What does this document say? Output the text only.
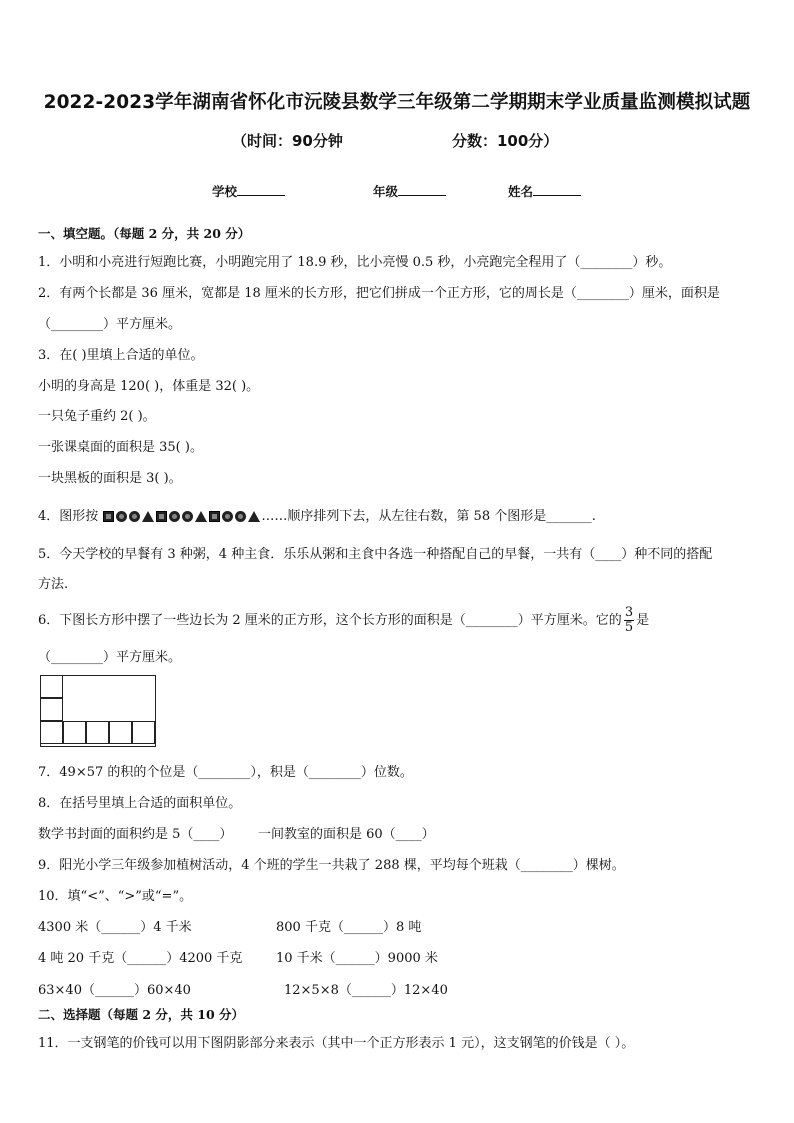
2022-2023学年湖南省怀化市沅陵县数学三年级第二学期期末学业质量监测模拟试题
（时间：90分钟	分数：100分）
学校	年级	姓名
一、填空题。（每题 2 分，共 20 分）
1．小明和小亮进行短跑比赛，小明跑完用了 18.9 秒，比小亮慢 0.5 秒，小亮跑完全程用了（________）秒。
2．有两个长都是 36 厘米，宽都是 18 厘米的长方形，把它们拼成一个正方形，它的周长是（________）厘米，面积是
（________）平方厘米。
3．在( )里填上合适的单位。
小明的身高是 120( )，体重是 32( )。
一只兔子重约 2( )。
一张课桌面的面积是 35( )。
一块黑板的面积是 3( )。
4．图形按	……顺序排列下去，从左往右数，第 58 个图形是_______.
5．今天学校的早餐有 3 种粥，4 种主食．乐乐从粥和主食中各选一种搭配自己的早餐，一共有（____）种不同的搭配
方法.
6．下图长方形中摆了一些边长为 2 厘米的正方形，这个长方形的面积是（________）平方厘米。它的 $\frac{3}{5}$ 是
（________）平方厘米。
7．49×57 的积的个位是（________），积是（________）位数。
8．在括号里填上合适的面积单位。
数学书封面的面积约是 5（____） 一间教室的面积是 60（____）
9．阳光小学三年级参加植树活动，4 个班的学生一共栽了 288 棵，平均每个班栽（________）棵树。
10．填“<”、“>”或“=”。
4300 米（______）4 千米	800 千克（______）8 吨
4 吨 20 千克（______）4200 千克	10 千米（______）9000 米
63×40（______）60×40	12×5×8（______）12×40
二、选择题（每题 2 分，共 10 分）
11．一支钢笔的价钱可以用下图阴影部分来表示（其中一个正方形表示 1 元），这支钢笔的价钱是（ ）。
